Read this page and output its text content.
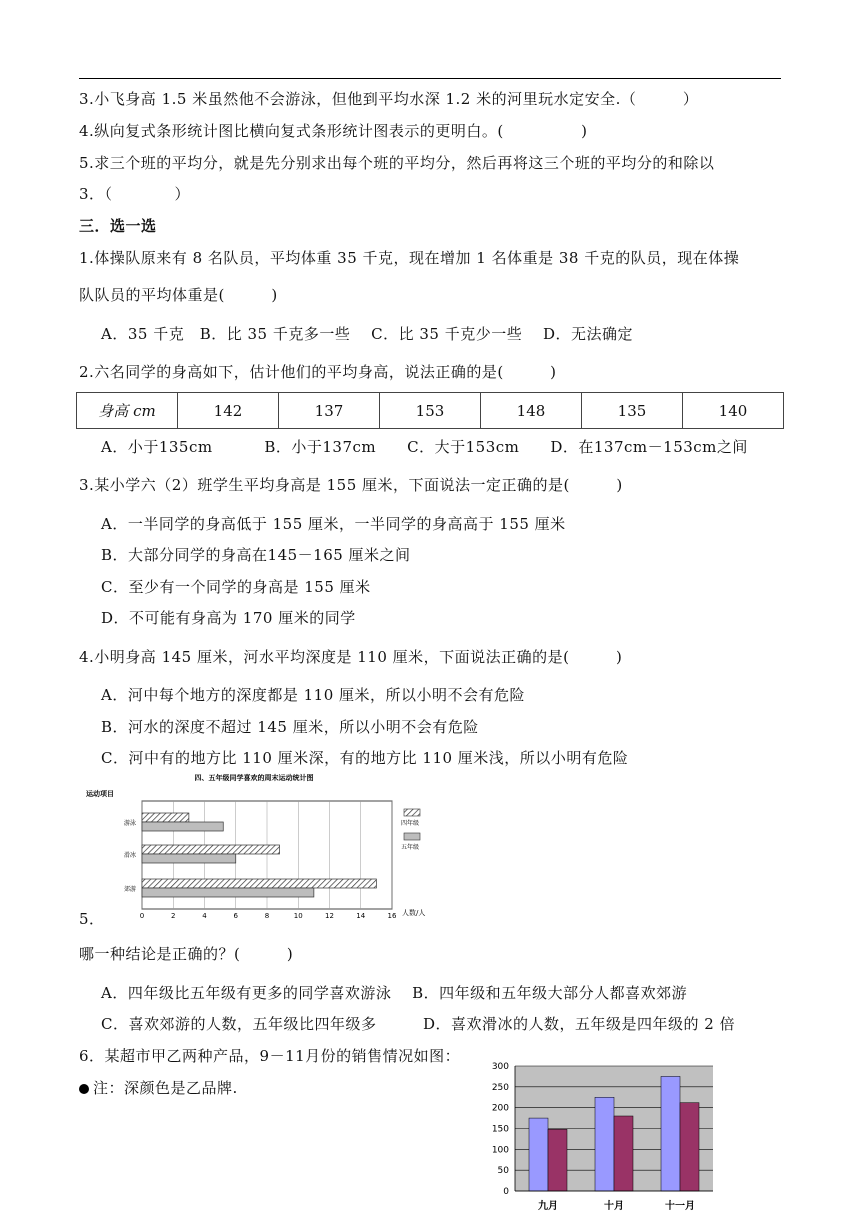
3.小飞身高 1.5 米虽然他不会游泳，但他到平均水深 1.2 米的河里玩水定安全.（　　　）
4.纵向复式条形统计图比横向复式条形统计图表示的更明白。(　　　　　)
5.求三个班的平均分，就是先分别求出每个班的平均分，然后再将这三个班的平均分的和除以
3．（　　　　）
三．选一选
1.体操队原来有 8 名队员，平均体重 35 千克，现在增加 1 名体重是 38 千克的队员，现在体操
队队员的平均体重是(　　　)
A．35 千克　B．比 35 千克多一些　 C．比 35 千克少一些　 D．无法确定
2.六名同学的身高如下，估计他们的平均身高，说法正确的是(　　　)
身高 cm	142	137	153	148	135	140
A．小于135cm　　　 B．小于137cm　　C．大于153cm　　D．在137cm－153cm之间
3.某小学六（2）班学生平均身高是 155 厘米，下面说法一定正确的是(　　　)
A．一半同学的身高低于 155 厘米，一半同学的身高高于 155 厘米
B．大部分同学的身高在145－165 厘米之间
C．至少有一个同学的身高是 155 厘米
D．不可能有身高为 170 厘米的同学
4.小明身高 145 厘米，河水平均深度是 110 厘米，下面说法正确的是(　　　)
A．河中每个地方的深度都是 110 厘米，所以小明不会有危险
B．河水的深度不超过 145 厘米，所以小明不会有危险
C．河中有的地方比 110 厘米深，有的地方比 110 厘米浅，所以小明有危险
四、五年级同学喜欢的周末运动统计图
运动项目
游泳
滑冰
郊游
0	2	4	6	8	10	12	14	16 人数/人
四年级
五年级
5．
哪一种结论是正确的？(　　　)
A．四年级比五年级有更多的同学喜欢游泳　 B．四年级和五年级大部分人都喜欢郊游
C．喜欢郊游的人数，五年级比四年级多　　　D．喜欢滑冰的人数，五年级是四年级的 2 倍
6．某超市甲乙两种产品，9－11月份的销售情况如图：
注：深颜色是乙品牌.
0
50
100
150
200
250
300
九月	十月	十一月
